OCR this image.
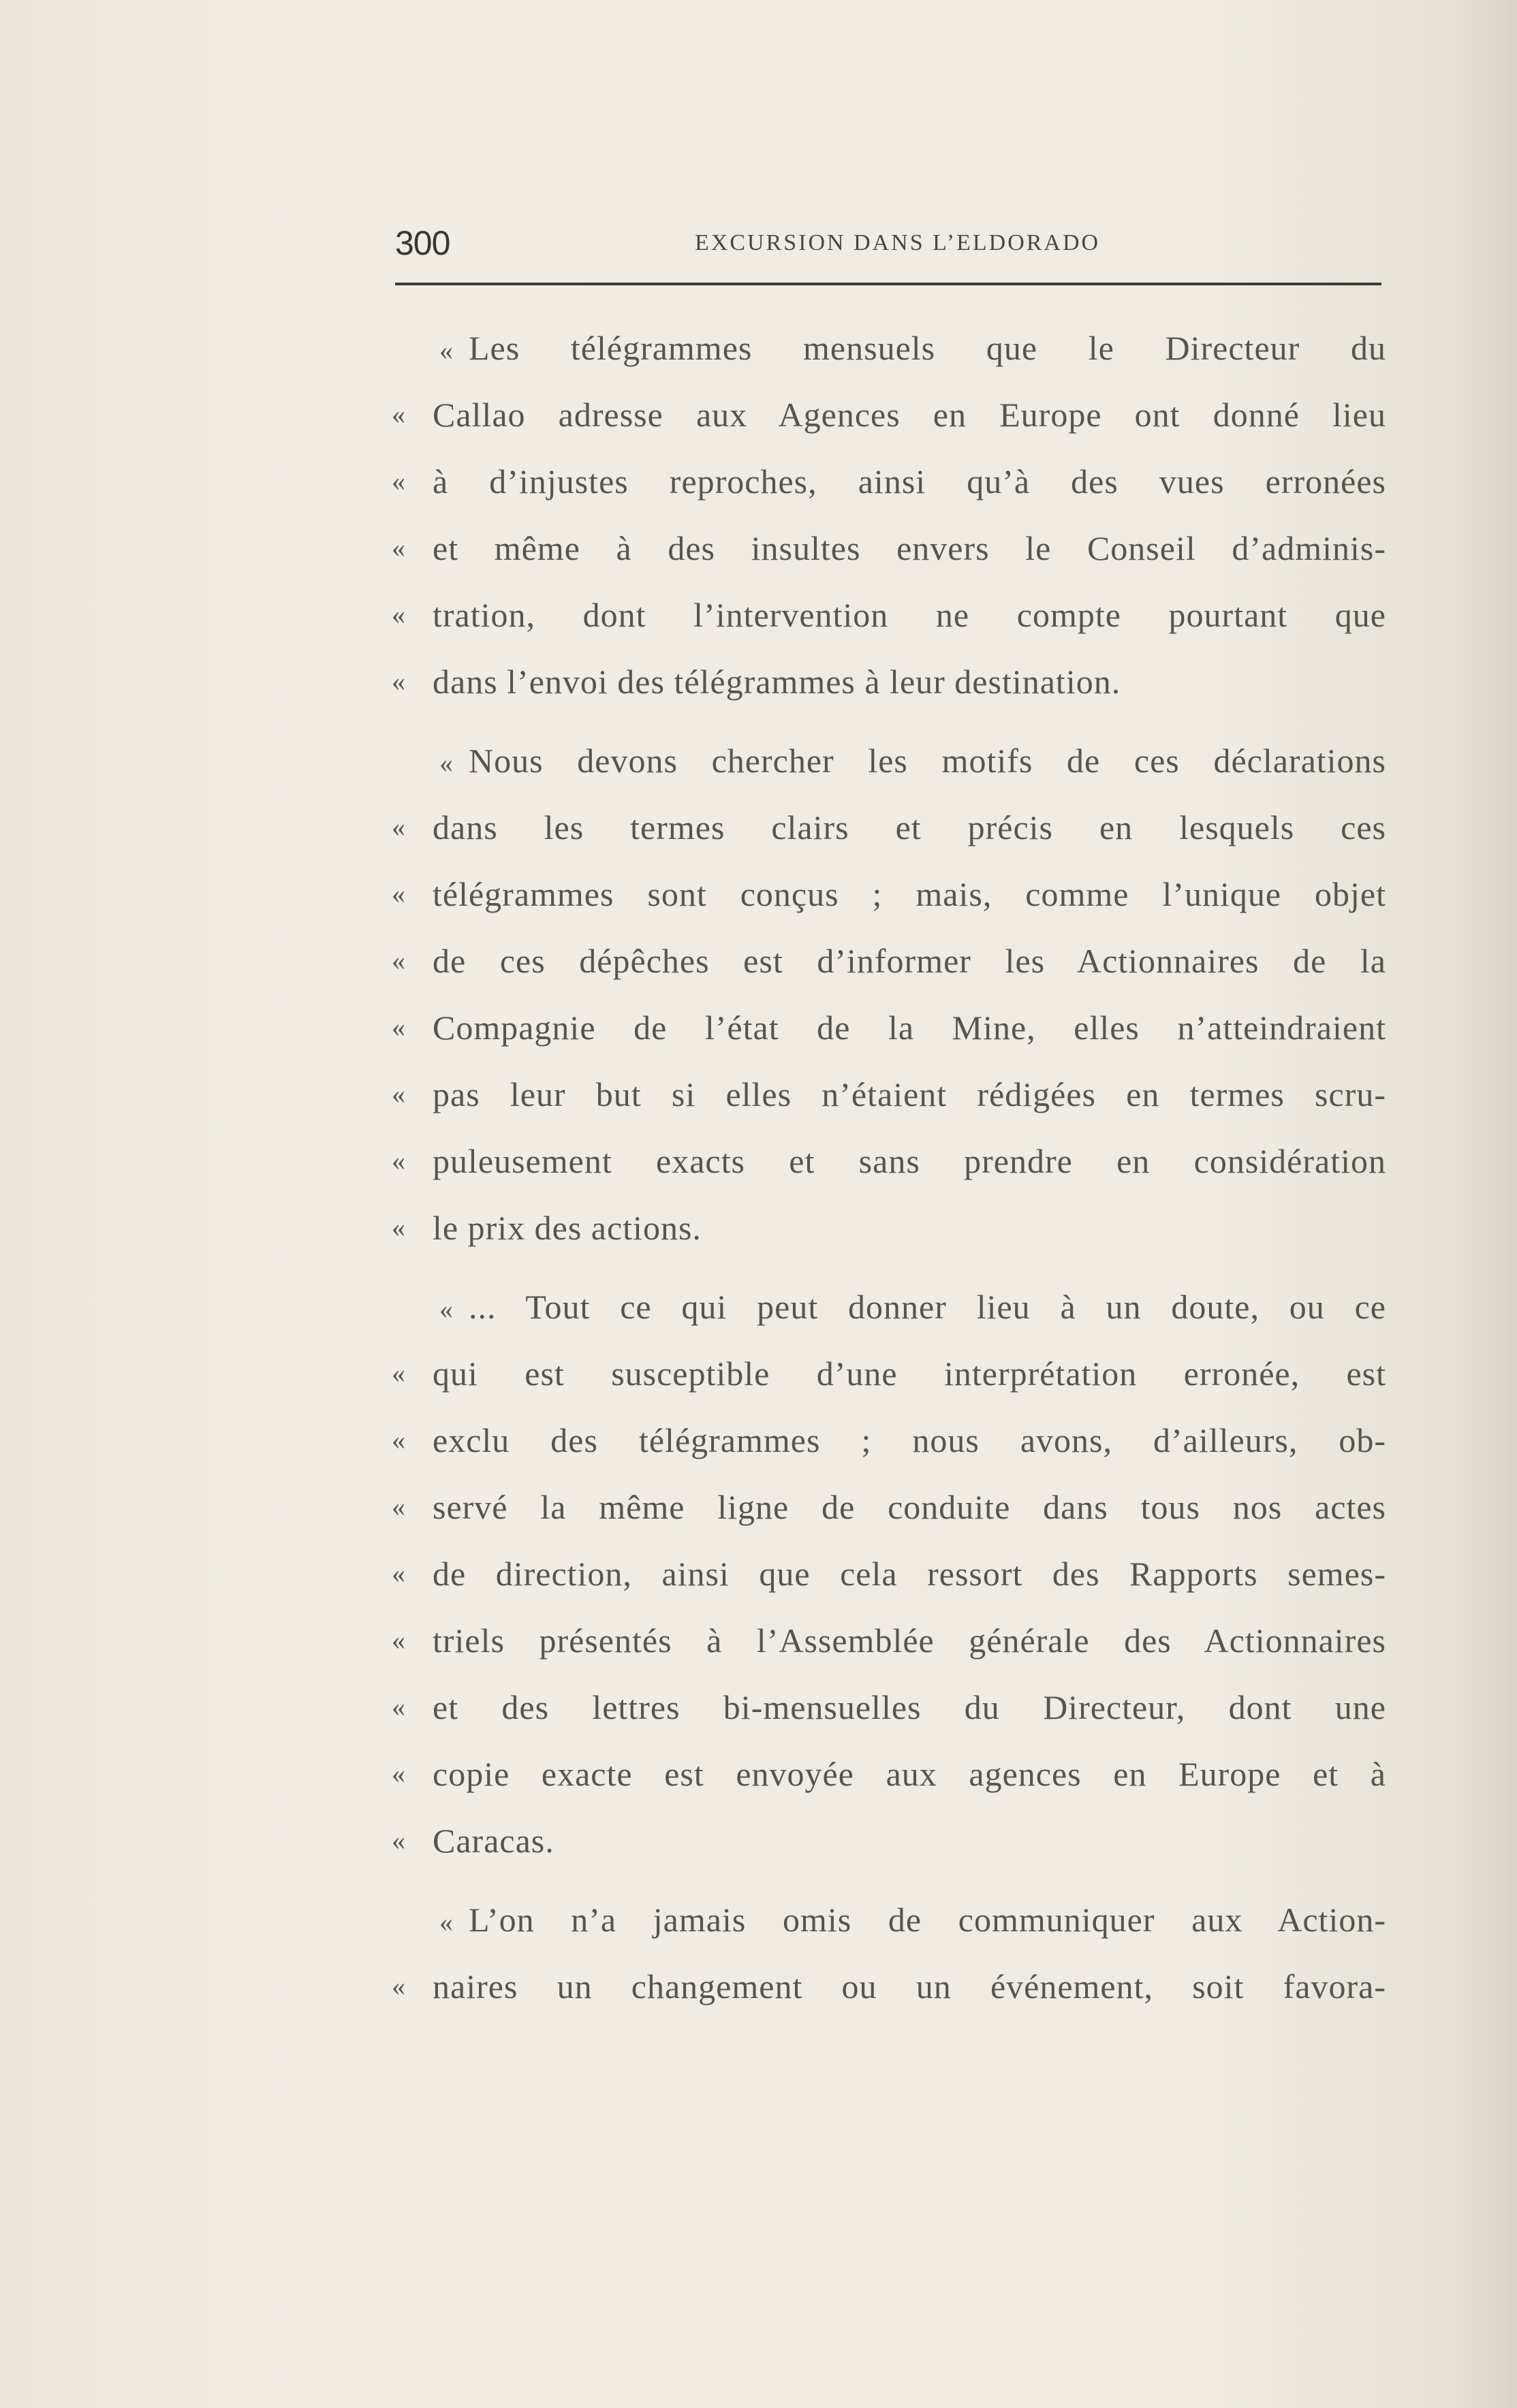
300	EXCURSION DANS L’ELDORADO
« Les télégrammes mensuels que le Directeur du
« Callao adresse aux Agences en Europe ont donné lieu
« à d’injustes reproches, ainsi qu’à des vues erronées
« et même à des insultes envers le Conseil d’adminis-
« tration, dont l’intervention ne compte pourtant que
« dans l’envoi des télégrammes à leur destination.
« Nous devons chercher les motifs de ces déclarations
« dans les termes clairs et précis en lesquels ces
« télégrammes sont conçus ; mais, comme l’unique objet
« de ces dépêches est d’informer les Actionnaires de la
« Compagnie de l’état de la Mine, elles n’atteindraient
« pas leur but si elles n’étaient rédigées en termes scru-
« puleusement exacts et sans prendre en considération
« le prix des actions.
« ... Tout ce qui peut donner lieu à un doute, ou ce
« qui est susceptible d’une interprétation erronée, est
« exclu des télégrammes ; nous avons, d’ailleurs, ob-
« servé la même ligne de conduite dans tous nos actes
« de direction, ainsi que cela ressort des Rapports semes-
« triels présentés à l’Assemblée générale des Actionnaires
« et des lettres bi-mensuelles du Directeur, dont une
« copie exacte est envoyée aux agences en Europe et à
« Caracas.
« L’on n’a jamais omis de communiquer aux Action-
« naires un changement ou un événement, soit favora-
